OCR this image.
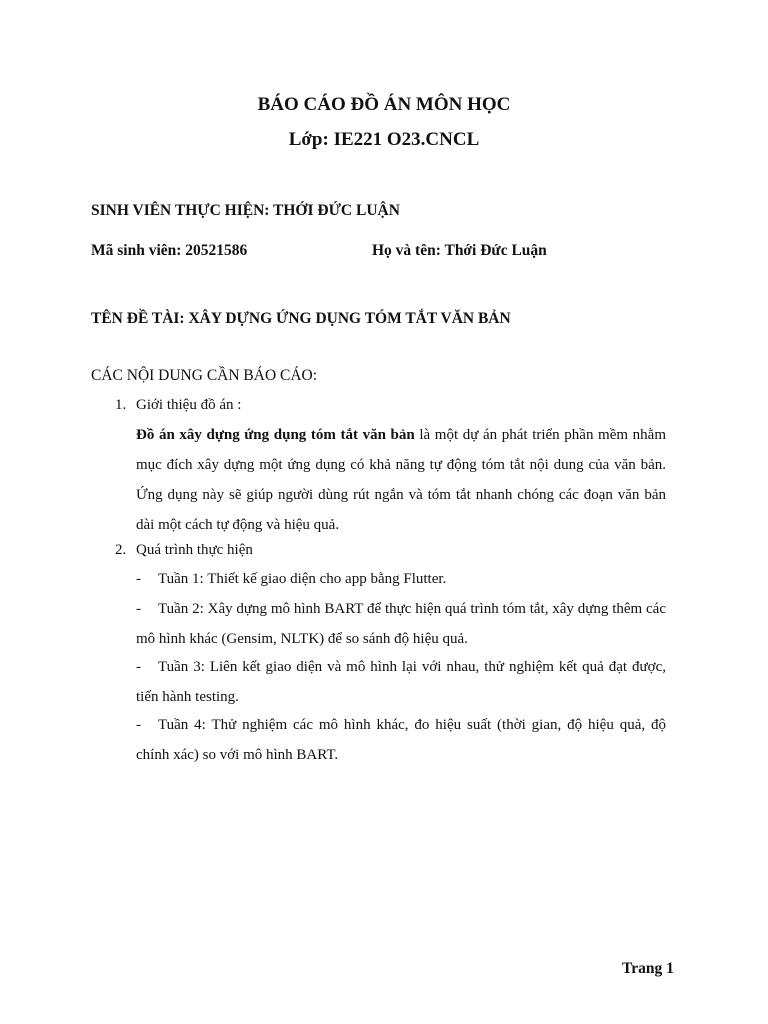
BÁO CÁO ĐỒ ÁN MÔN HỌC
Lớp: IE221 O23.CNCL

SINH VIÊN THỰC HIỆN: THỚI ĐỨC LUẬN

Mã sinh viên: 20521586	Họ và tên: Thới Đức Luận

TÊN ĐỀ TÀI: XÂY DỰNG ỨNG DỤNG TÓM TẮT VĂN BẢN

CÁC NỘI DUNG CẦN BÁO CÁO:

1. Giới thiệu đồ án :

Đồ án xây dựng ứng dụng tóm tắt văn bản là một dự án phát triển phần mềm nhằm mục đích xây dựng một ứng dụng có khả năng tự động tóm tắt nội dung của văn bản. Ứng dụng này sẽ giúp người dùng rút ngắn và tóm tắt nhanh chóng các đoạn văn bản dài một cách tự động và hiệu quả.

2. Quá trình thực hiện
- Tuần 1: Thiết kế giao diện cho app bằng Flutter.

-	Tuần 2: Xây dựng mô hình BART để thực hiện quá trình tóm tắt, xây dựng thêm các mô hình khác (Gensim, NLTK) để so sánh độ hiệu quả.

-	Tuần 3: Liên kết giao diện và mô hình lại với nhau, thử nghiệm kết quả đạt được, tiến hành testing.

-	Tuần 4: Thử nghiệm các mô hình khác, đo hiệu suất (thời gian, độ hiệu quả, độ chính xác) so với mô hình BART.

Trang 1
